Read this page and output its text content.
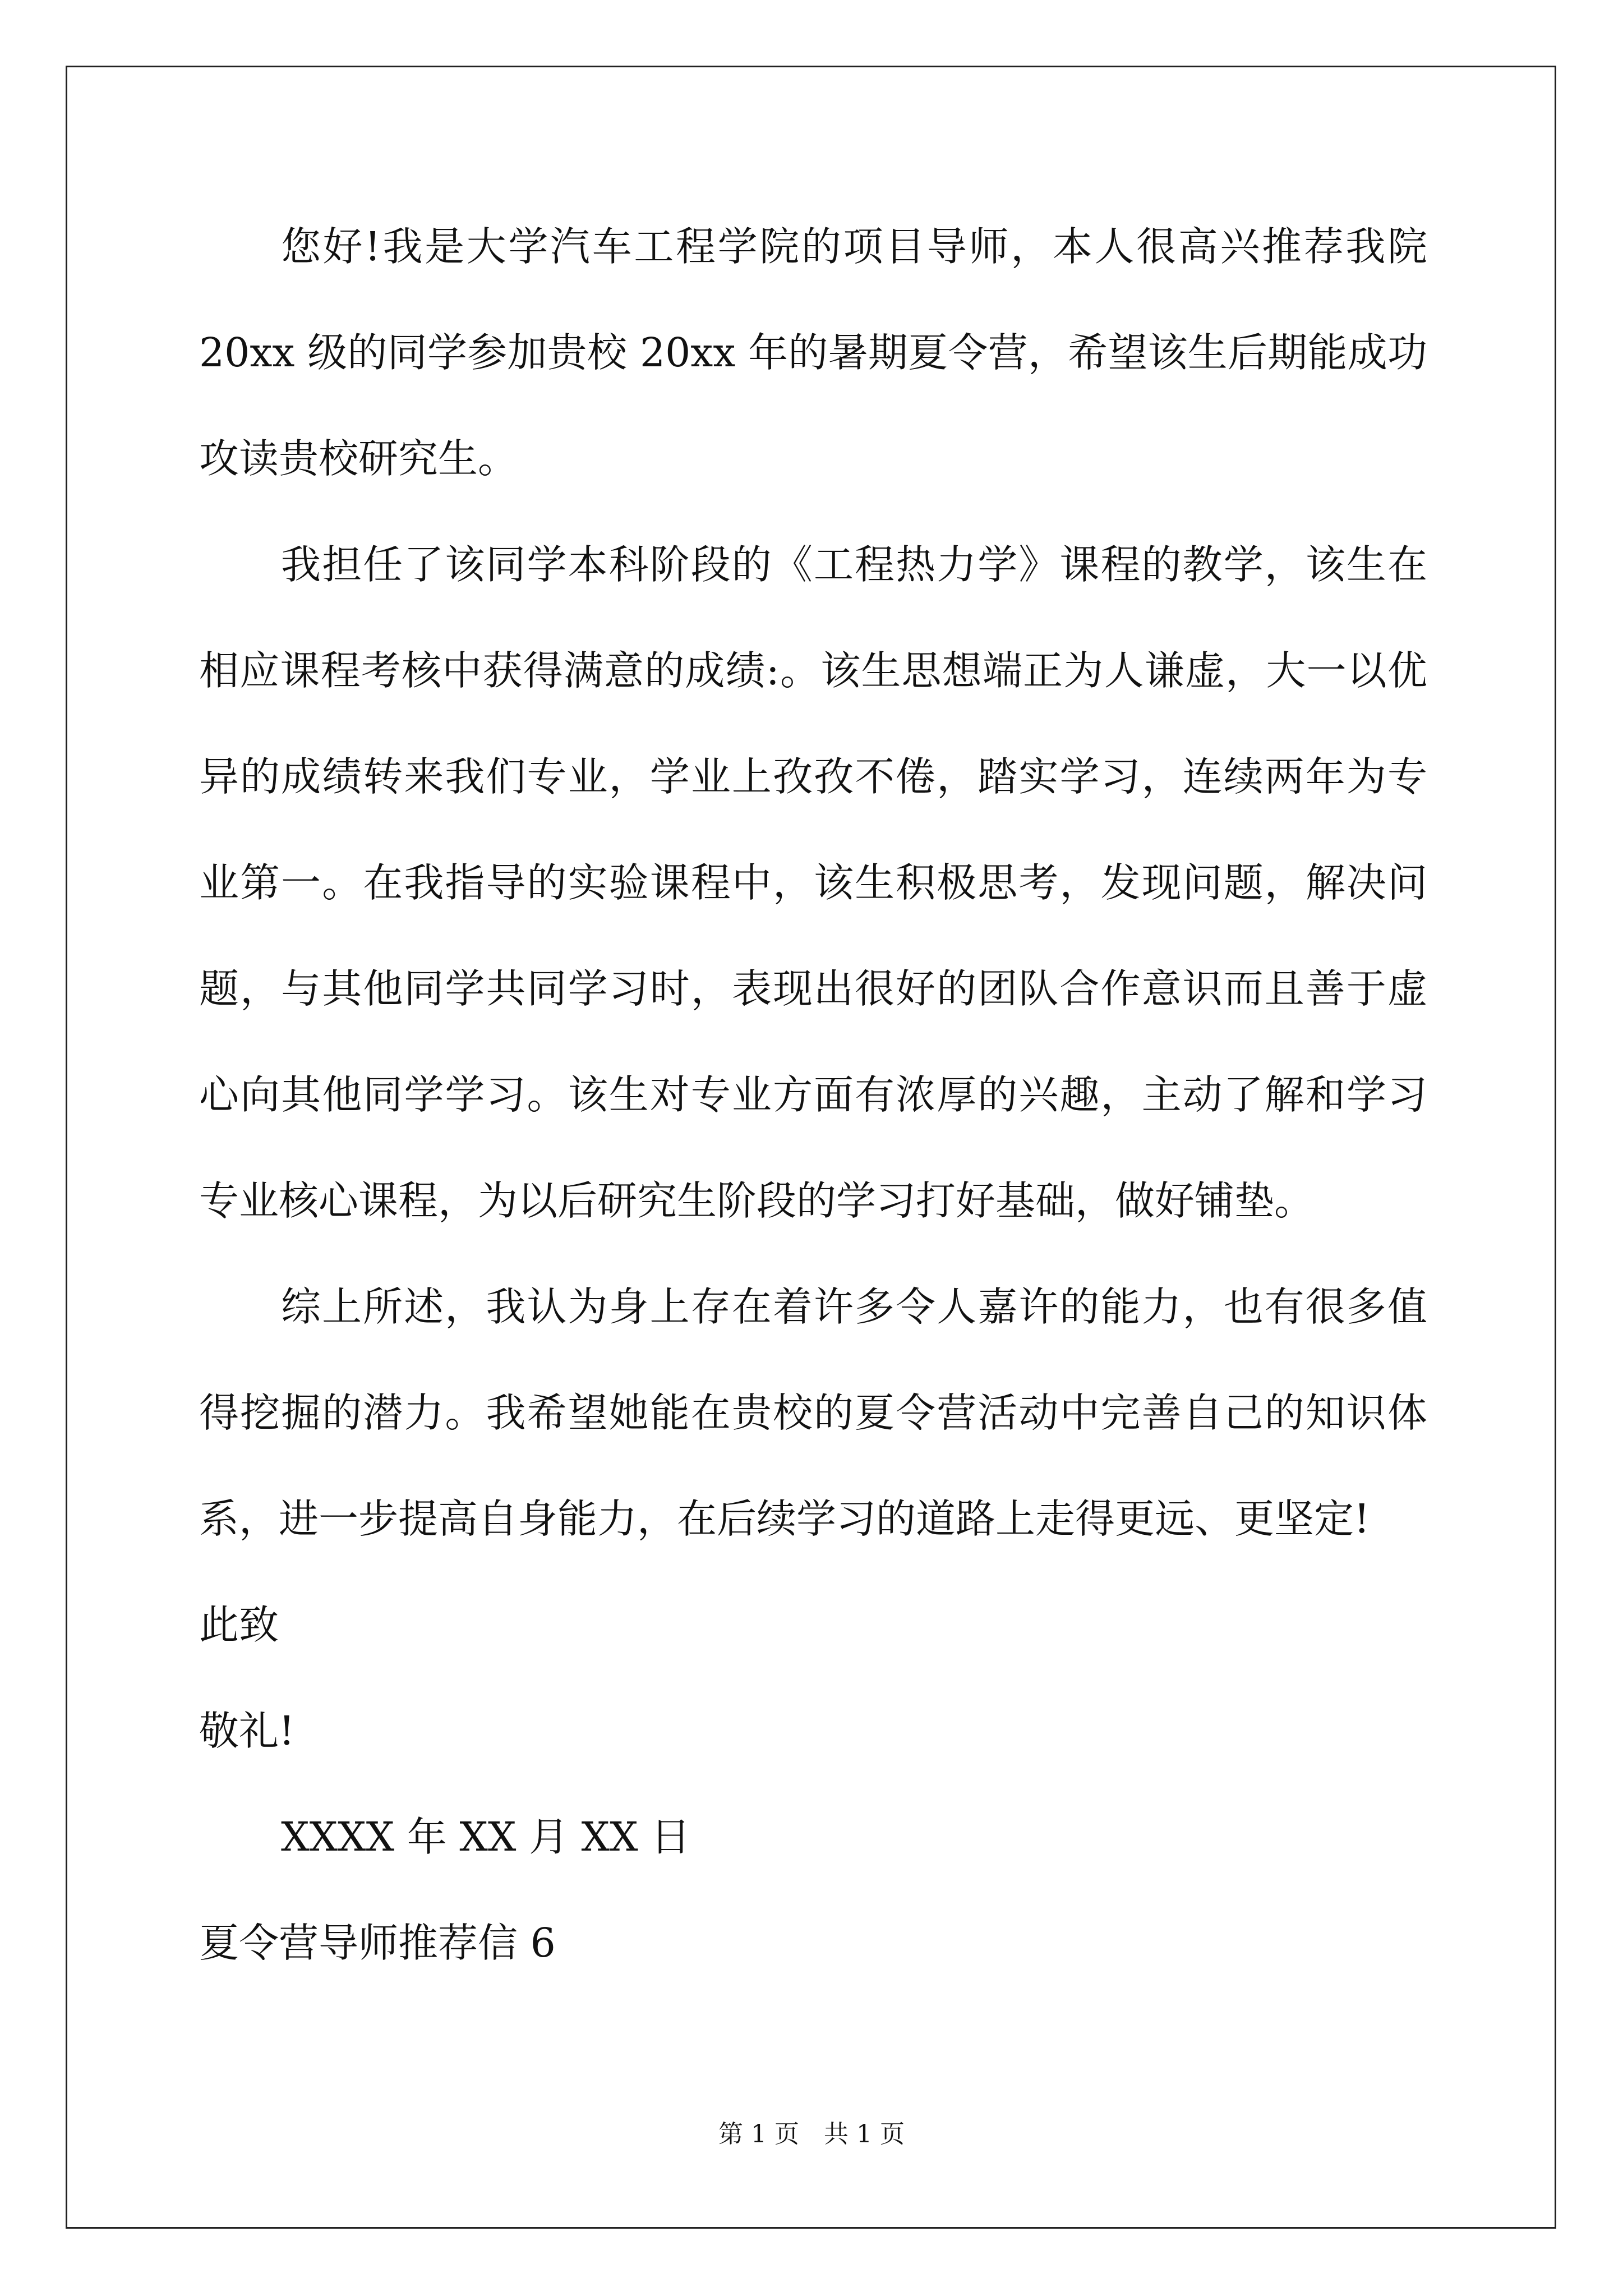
您好!我是大学汽车工程学院的项目导师，本人很高兴推荐我院
20xx 级的同学参加贵校 20xx 年的暑期夏令营，希望该生后期能成功
攻读贵校研究生。
我担任了该同学本科阶段的《工程热力学》课程的教学，该生在
相应课程考核中获得满意的成绩:。该生思想端正为人谦虚，大一以优
异的成绩转来我们专业，学业上孜孜不倦，踏实学习，连续两年为专
业第一。在我指导的实验课程中，该生积极思考，发现问题，解决问
题，与其他同学共同学习时，表现出很好的团队合作意识而且善于虚
心向其他同学学习。该生对专业方面有浓厚的兴趣，主动了解和学习
专业核心课程，为以后研究生阶段的学习打好基础，做好铺垫。
综上所述，我认为身上存在着许多令人嘉许的能力，也有很多值
得挖掘的潜力。我希望她能在贵校的夏令营活动中完善自己的知识体
系，进一步提高自身能力，在后续学习的道路上走得更远、更坚定!
此致
敬礼!
XXXX 年 XX 月 XX 日
夏令营导师推荐信 6
第 1 页　共 1 页
